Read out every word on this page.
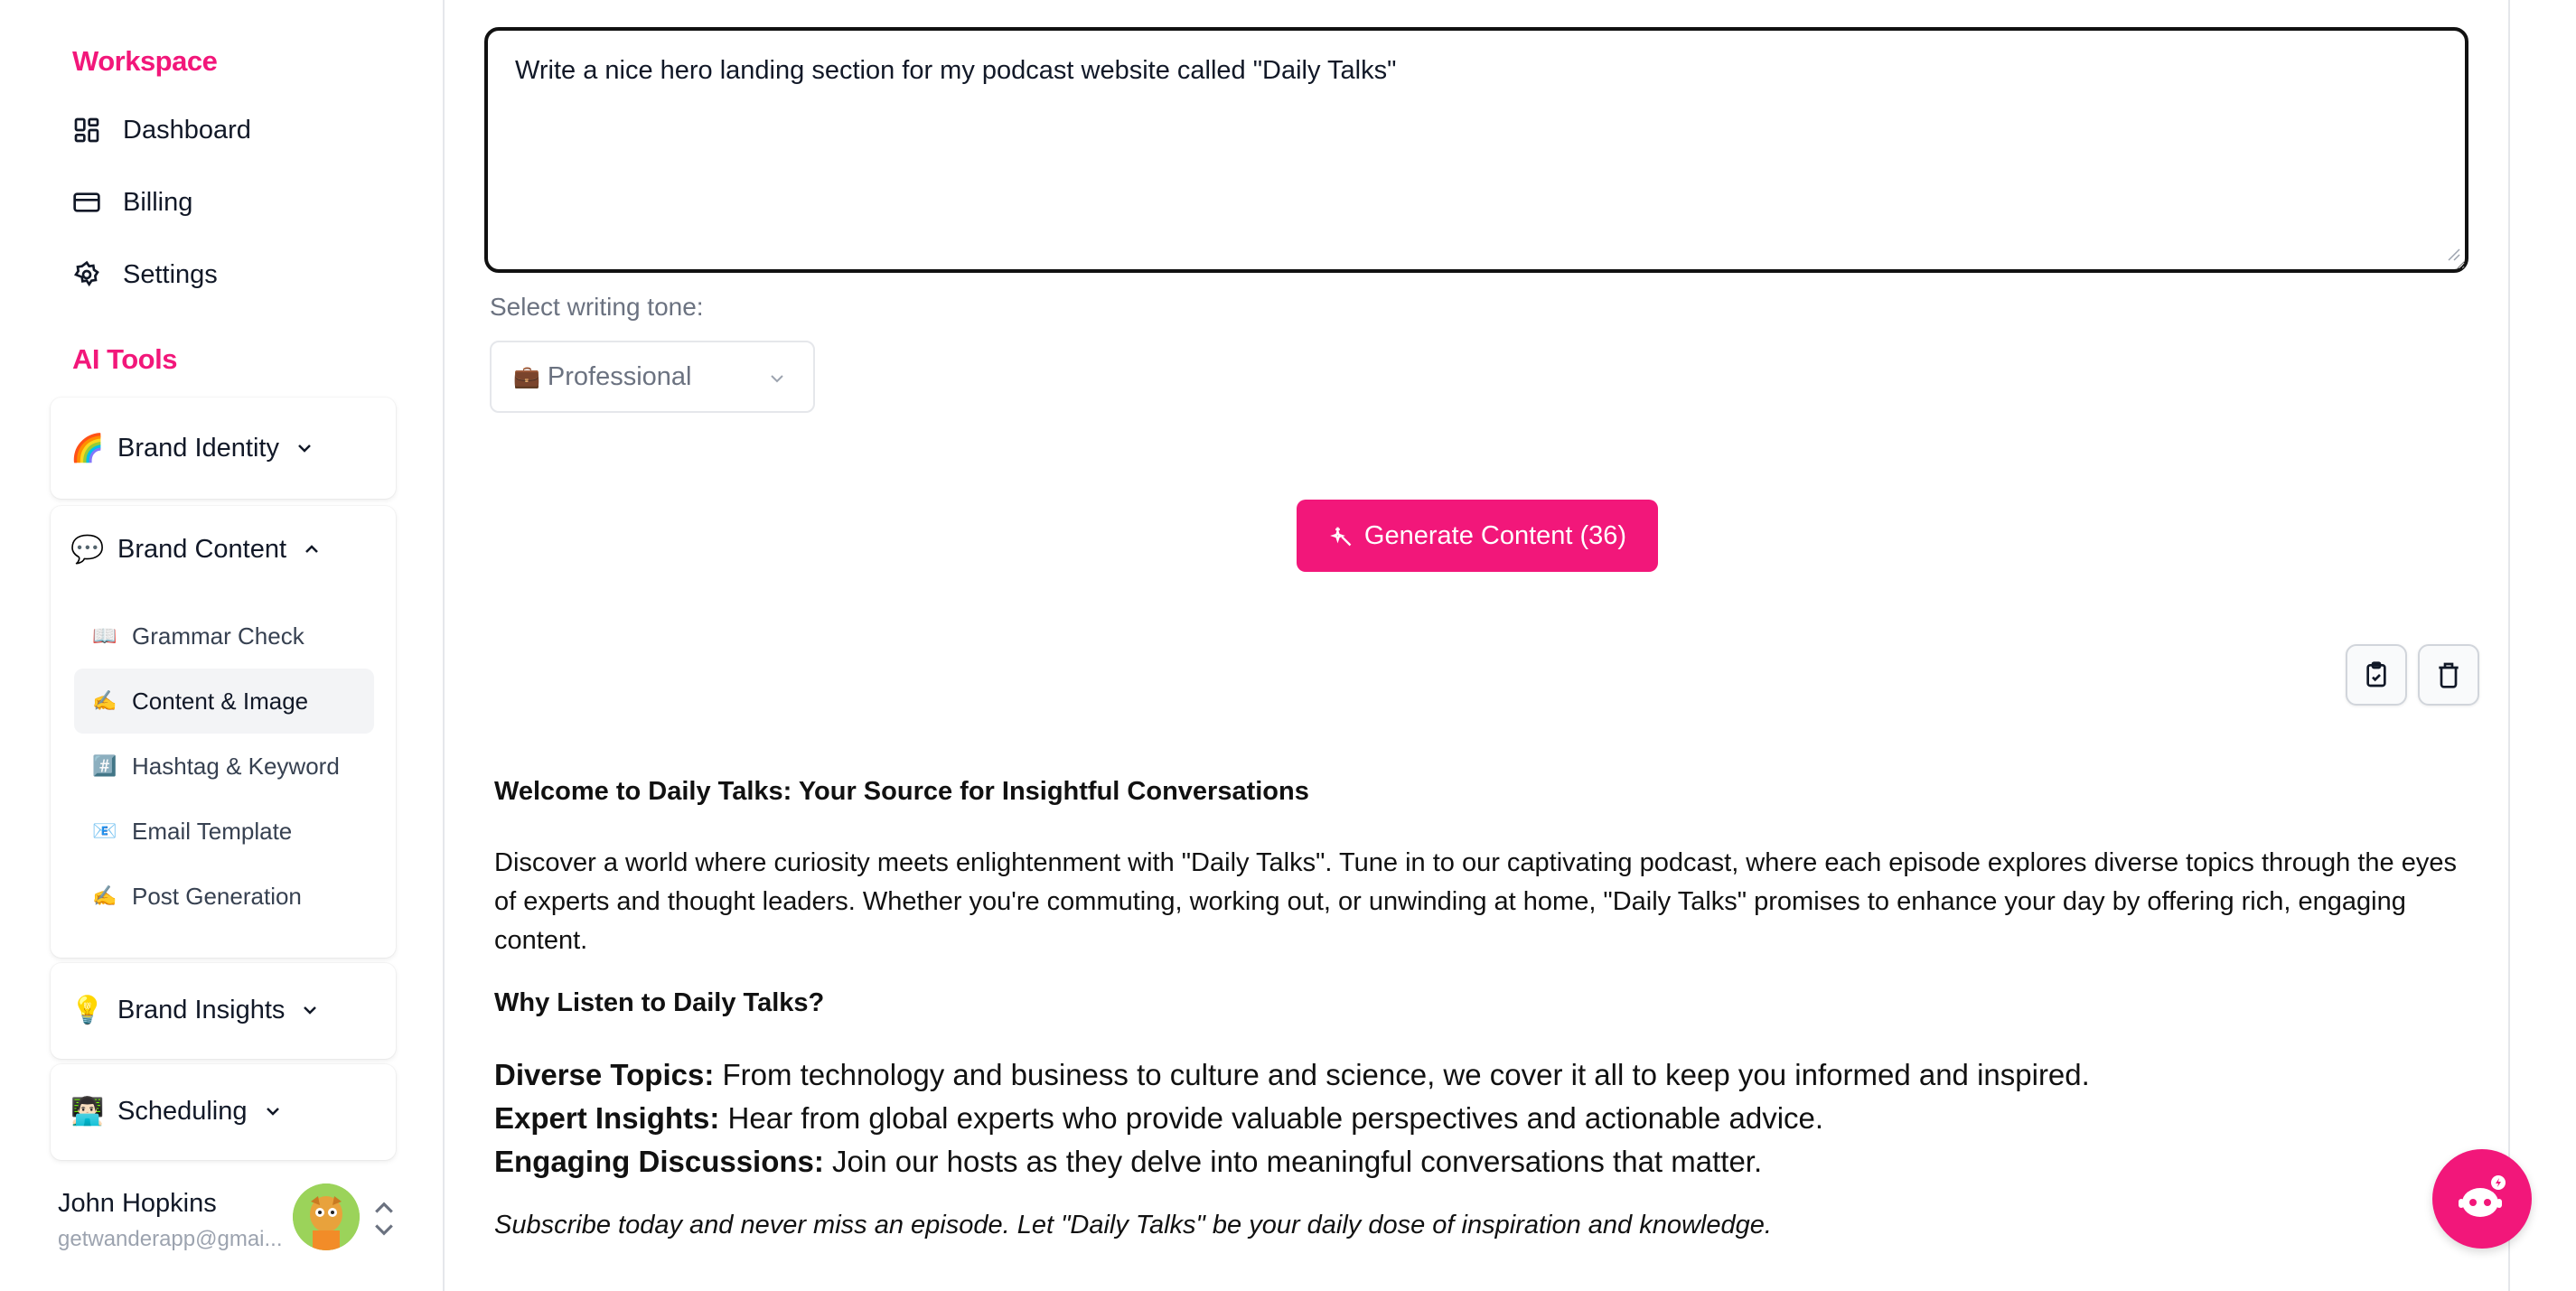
Workspace
Dashboard
Billing
Settings
AI Tools
🌈 Brand Identity
💬 Brand Content
📖 Grammar Check
✍️ Content & Image
#️⃣ Hashtag & Keyword
📧 Email Template
✍️ Post Generation
💡 Brand Insights
👨🏻‍💻 Scheduling
John Hopkins
getwanderapp@gmai...
Write a nice hero landing section for my podcast website called "Daily Talks"
Select writing tone:
💼 Professional
Generate Content (36)
Welcome to Daily Talks: Your Source for Insightful Conversations

Discover a world where curiosity meets enlightenment with "Daily Talks". Tune in to our captivating podcast, where each episode explores diverse topics through the eyes of experts and thought leaders. Whether you're commuting, working out, or unwinding at home, "Daily Talks" promises to enhance your day by offering rich, engaging content.

Why Listen to Daily Talks?
Diverse Topics: From technology and business to culture and science, we cover it all to keep you informed and inspired.
Expert Insights: Hear from global experts who provide valuable perspectives and actionable advice.
Engaging Discussions: Join our hosts as they delve into meaningful conversations that matter.
Subscribe today and never miss an episode. Let "Daily Talks" be your daily dose of inspiration and knowledge.
